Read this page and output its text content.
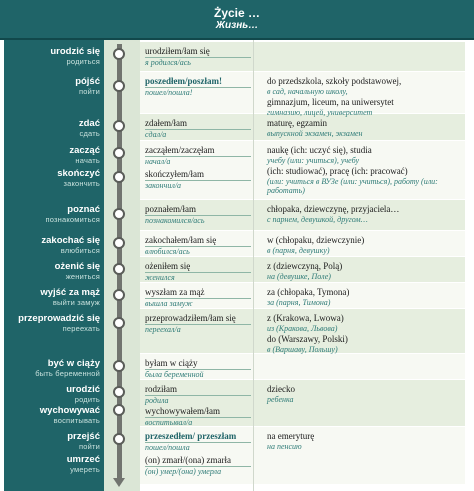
Życie …
Жизнь…
urodzić się
родиться
urodziłem/łam się
я родился/ась
pójść
пойти
poszedłem/poszłam!
пошел/пошла!
do przedszkola, szkoły podstawowej,
в сад, начальную школу,
gimnazjum, liceum, na uniwersytet
гимназию, лицей, университет
zdać
сдать
zdałem/łam
сдал/а
maturę, egzamin
выпускной экзамен, экзамен
zacząć
начать
skończyć
закончить
zacząłem/zaczęłam
начал/а
skończyłem/łam
закончил/а
naukę (ich: uczyć się), studia
учебу (или: учиться), учебу
(ich: studiować), pracę (ich: pracować)
(или: учиться в ВУЗе (или: учиться), работу (или: работать)
poznać
познакомиться
poznałem/łam
познакомился/ась
chłopaka, dziewczynę, przyjaciela…
с парнем, девушкой, другом…
zakochać się
влюбиться
zakochałem/łam się
влюбился/ась
w (chłopaku, dziewczynie)
в (парня, девушку)
ożenić się
жениться
ożeniłem się
женился
z (dziewczyną, Polą)
на (девушке, Поле)
wyjść za mąż
выйти замуж
wyszłam za mąż
вышла замуж
za (chłopaka, Tymona)
за (парня, Тимона)
przeprowadzić się
переехать
przeprowadziłem/łam się
переехал/а
z (Krakowa, Lwowa)
из (Кракова, Львова)
do (Warszawy, Polski)
в (Варшаву, Польшу)
być w ciąży
быть беременной
byłam w ciąży
была беременной
urodzić
родить
wychowywać
воспитывать
rodziłam
родила
wychowywałem/łam
воспитывал/а
dziecko
ребенка
przejść
пойти
umrzeć
умереть
przeszedłem/ przeszłam
пошел/пошла
(on) zmarł/(ona) zmarła
(он) умер/(она) умерла
na emeryturę
на пенсию
